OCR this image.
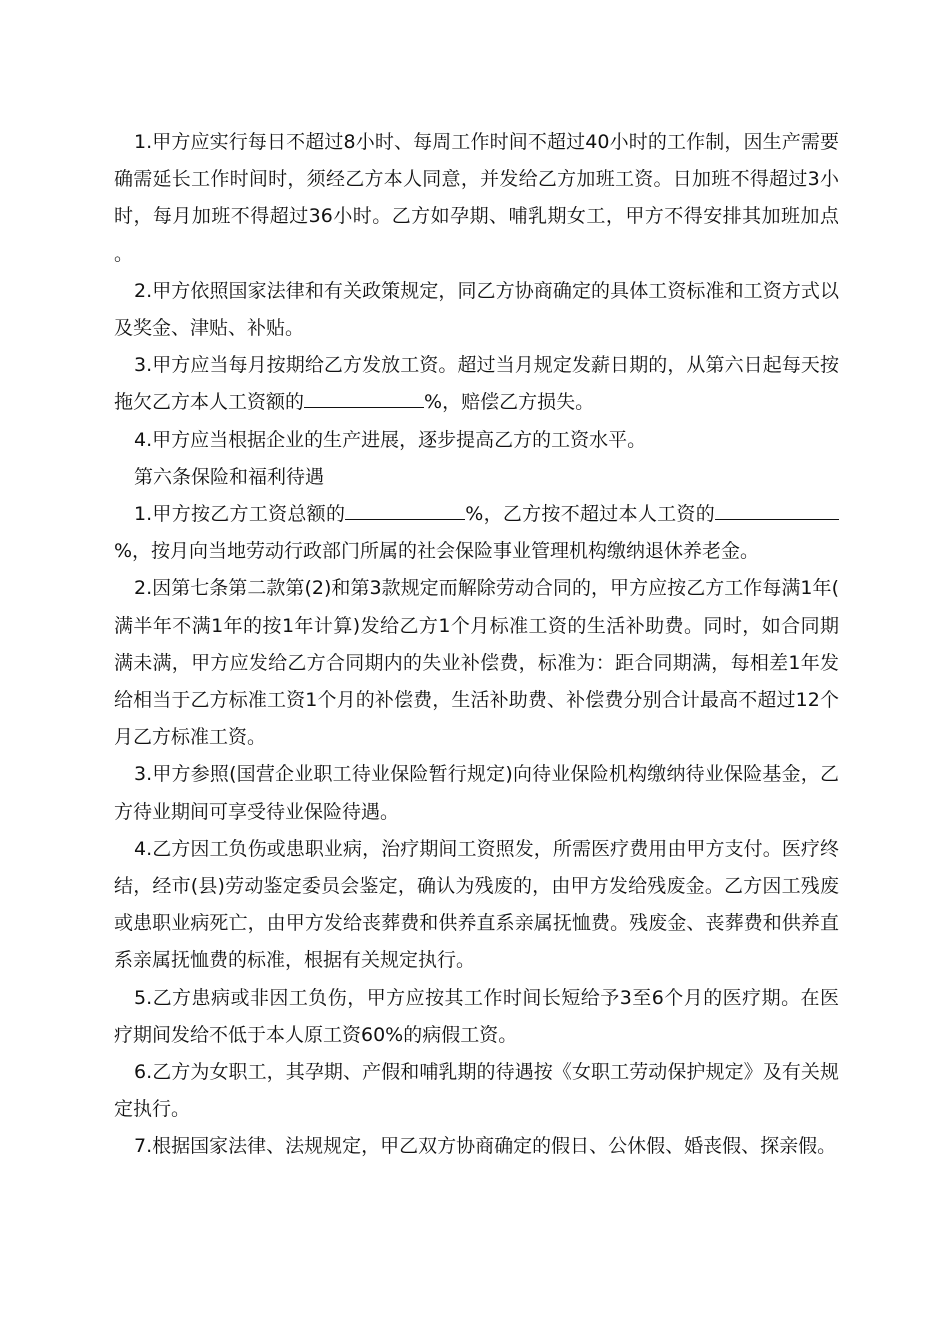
1.甲方应实行每日不超过8小时、每周工作时间不超过40小时的工作制，因生产需要确需延长工作时间时，须经乙方本人同意，并发给乙方加班工资。日加班不得超过3小时，每月加班不得超过36小时。乙方如孕期、哺乳期女工，甲方不得安排其加班加点。

2.甲方依照国家法律和有关政策规定，同乙方协商确定的具体工资标准和工资方式以及奖金、津贴、补贴。

3.甲方应当每月按期给乙方发放工资。超过当月规定发薪日期的，从第六日起每天按拖欠乙方本人工资额的	%，赔偿乙方损失。

4.甲方应当根据企业的生产进展，逐步提高乙方的工资水平。

第六条保险和福利待遇

1.甲方按乙方工资总额的	%，乙方按不超过本人工资的%，按月向当地劳动行政部门所属的社会保险事业管理机构缴纳退休养老金。

2.因第七条第二款第(2)和第3款规定而解除劳动合同的，甲方应按乙方工作每满1年(满半年不满1年的按1年计算)发给乙方1个月标准工资的生活补助费。同时，如合同期满未满，甲方应发给乙方合同期内的失业补偿费，标准为：距合同期满，每相差1年发给相当于乙方标准工资1个月的补偿费，生活补助费、补偿费分别合计最高不超过12个月乙方标准工资。

3.甲方参照(国营企业职工待业保险暂行规定)向待业保险机构缴纳待业保险基金，乙方待业期间可享受待业保险待遇。

4.乙方因工负伤或患职业病，治疗期间工资照发，所需医疗费用由甲方支付。医疗终结，经市(县)劳动鉴定委员会鉴定，确认为残废的，由甲方发给残废金。乙方因工残废或患职业病死亡，由甲方发给丧葬费和供养直系亲属抚恤费。残废金、丧葬费和供养直系亲属抚恤费的标准，根据有关规定执行。

5.乙方患病或非因工负伤，甲方应按其工作时间长短给予3至6个月的医疗期。在医疗期间发给不低于本人原工资60%的病假工资。

6.乙方为女职工，其孕期、产假和哺乳期的待遇按《女职工劳动保护规定》及有关规定执行。

7.根据国家法律、法规规定，甲乙双方协商确定的假日、公休假、婚丧假、探亲假。
